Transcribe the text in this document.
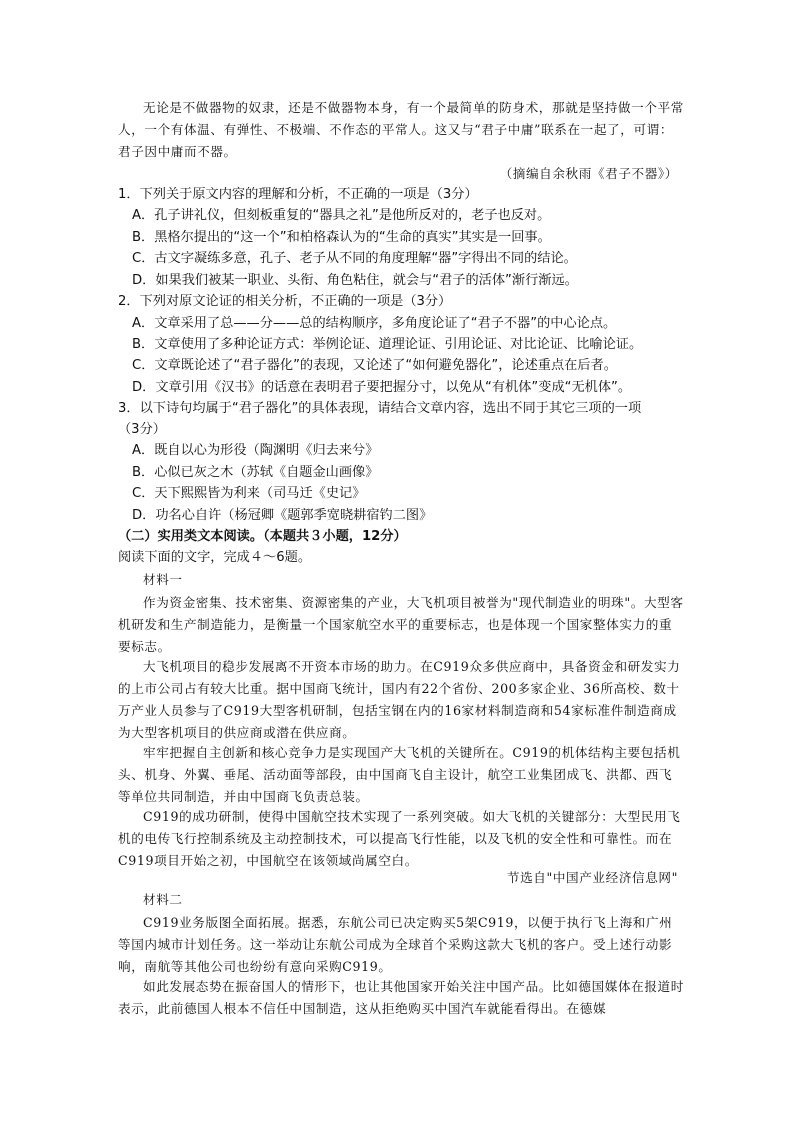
无论是不做器物的奴隶，还是不做器物本身，有一个最简单的防身术，那就是坚持做一个平常人，一个有体温、有弹性、不极端、不作态的平常人。这又与“君子中庸”联系在一起了，可谓：君子因中庸而不器。

（摘编自余秋雨《君子不器》）

1．下列关于原文内容的理解和分析，不正确的一项是（3分）

A．孔子讲礼仪，但刻板重复的“器具之礼”是他所反对的，老子也反对。

B．黑格尔提出的“这一个”和柏格森认为的“生命的真实”其实是一回事。

C．古文字凝练多意，孔子、老子从不同的角度理解“器”字得出不同的结论。

D．如果我们被某一职业、头衔、角色粘住，就会与“君子的活体”渐行渐远。

2．下列对原文论证的相关分析，不正确的一项是（3分）

A．文章采用了总——分——总的结构顺序，多角度论证了“君子不器”的中心论点。

B．文章使用了多种论证方式：举例论证、道理论证、引用论证、对比论证、比喻论证。

C．文章既论述了“君子器化”的表现，又论述了“如何避免器化”，论述重点在后者。

D．文章引用《汉书》的话意在表明君子要把握分寸，以免从“有机体”变成“无机体”。

3．以下诗句均属于“君子器化”的具体表现，请结合文章内容，选出不同于其它三项的一项

（3分）

A．既自以心为形役（陶渊明《归去来兮》

B．心似已灰之木（苏轼《自题金山画像》

C．天下熙熙皆为利来（司马迁《史记》

D．功名心自许（杨冠卿《题郭季宽晓耕宿钓二图》

（二）实用类文本阅读。（本题共３小题，12分）

阅读下面的文字，完成４～6题。

材料一

作为资金密集、技术密集、资源密集的产业，大飞机项目被誉为"现代制造业的明珠"。大型客机研发和生产制造能力，是衡量一个国家航空水平的重要标志，也是体现一个国家整体实力的重要标志。

大飞机项目的稳步发展离不开资本市场的助力。在C919众多供应商中，具备资金和研发实力的上市公司占有较大比重。据中国商飞统计，国内有22个省份、200多家企业、36所高校、数十万产业人员参与了C919大型客机研制，包括宝钢在内的16家材料制造商和54家标准件制造商成为大型客机项目的供应商或潜在供应商。

牢牢把握自主创新和核心竞争力是实现国产大飞机的关键所在。C919的机体结构主要包括机头、机身、外翼、垂尾、活动面等部段，由中国商飞自主设计，航空工业集团成飞、洪都、西飞等单位共同制造，并由中国商飞负责总装。

C919的成功研制，使得中国航空技术实现了一系列突破。如大飞机的关键部分：大型民用飞机的电传飞行控制系统及主动控制技术，可以提高飞行性能，以及飞机的安全性和可靠性。而在C919项目开始之初，中国航空在该领域尚属空白。

节选自"中国产业经济信息网"

材料二

C919业务版图全面拓展。据悉，东航公司已决定购买5架C919，以便于执行飞上海和广州等国内城市计划任务。这一举动让东航公司成为全球首个采购这款大飞机的客户。受上述行动影响，南航等其他公司也纷纷有意向采购C919。

如此发展态势在振奋国人的情形下，也让其他国家开始关注中国产品。比如德国媒体在报道时表示，此前德国人根本不信任中国制造，这从拒绝购买中国汽车就能看得出。在德媒
